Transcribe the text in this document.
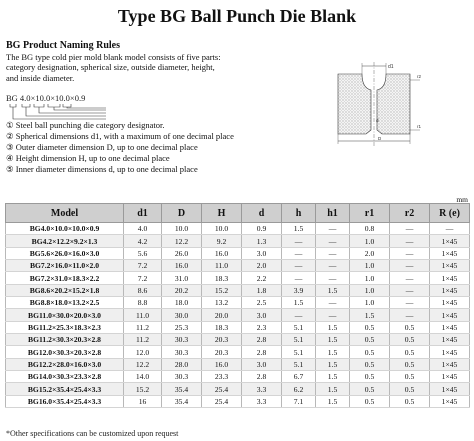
Type BG Ball Punch Die Blank
BG Product Naming Rules
The BG type cold pier mold blank model consists of five parts: category designation, spherical size, outside diameter, height, and inside diameter.
BG 4.0×10.0×10.0×0.9
① Steel ball punching die category designator.
② Spherical dimensions d1, with a maximum of one decimal place
③ Outer diameter dimension D, up to one decimal place
④ Height dimension H, up to one decimal place
⑤ Inner diameter dimensions d, up to one decimal place
d1
d
D
r2
r1
mm
Model	d1	D	H	d	h	h1	r1	r2	R (e)
BG4.0×10.0×10.0×0.9	4.0	10.0	10.0	0.9	1.5	—	0.8	—	—
BG4.2×12.2×9.2×1.3	4.2	12.2	9.2	1.3	—	—	1.0	—	1×45
BG5.6×26.0×16.0×3.0	5.6	26.0	16.0	3.0	—	—	2.0	—	1×45
BG7.2×16.0×11.0×2.0	7.2	16.0	11.0	2.0	—	—	1.0	—	1×45
BG7.2×31.0×18.3×2.2	7.2	31.0	18.3	2.2	—	—	1.0	—	1×45
BG8.6×20.2×15.2×1.8	8.6	20.2	15.2	1.8	3.9	1.5	1.0	—	1×45
BG8.8×18.0×13.2×2.5	8.8	18.0	13.2	2.5	1.5	—	1.0	—	1×45
BG11.0×30.0×20.0×3.0	11.0	30.0	20.0	3.0	—	—	1.5	—	1×45
BG11.2×25.3×18.3×2.3	11.2	25.3	18.3	2.3	5.1	1.5	0.5	0.5	1×45
BG11.2×30.3×20.3×2.8	11.2	30.3	20.3	2.8	5.1	1.5	0.5	0.5	1×45
BG12.0×30.3×20.3×2.8	12.0	30.3	20.3	2.8	5.1	1.5	0.5	0.5	1×45
BG12.2×28.0×16.0×3.0	12.2	28.0	16.0	3.0	5.1	1.5	0.5	0.5	1×45
BG14.0×30.3×23.3×2.8	14.0	30.3	23.3	2.8	6.7	1.5	0.5	0.5	1×45
BG15.2×35.4×25.4×3.3	15.2	35.4	25.4	3.3	6.2	1.5	0.5	0.5	1×45
BG16.0×35.4×25.4×3.3	16	35.4	25.4	3.3	7.1	1.5	0.5	0.5	1×45
*Other specifications can be customized upon request
